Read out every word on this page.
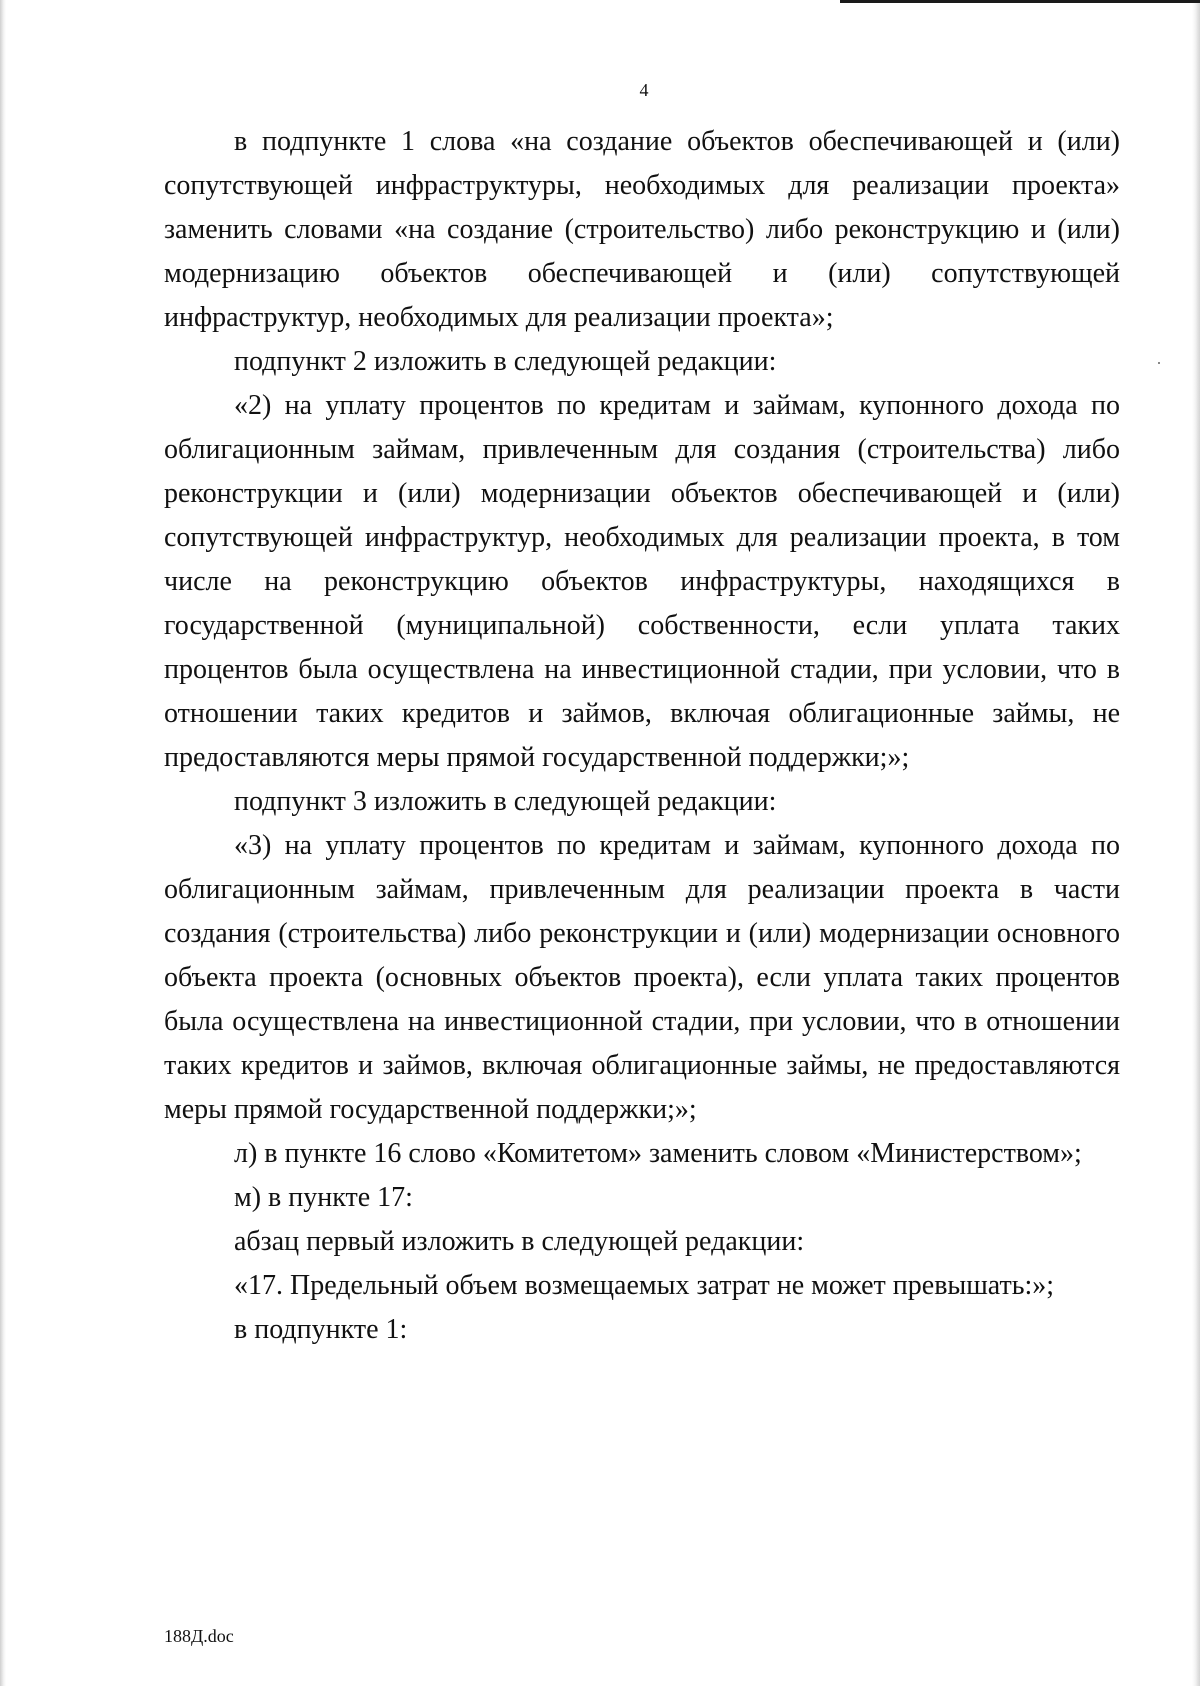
4

в подпункте 1 слова «на создание объектов обеспечивающей и (или) сопутствующей инфраструктуры, необходимых для реализации проекта» заменить словами «на создание (строительство) либо реконструкцию и (или) модернизацию объектов обеспечивающей и (или) сопутствующей инфраструктур, необходимых для реализации проекта»;

подпункт 2 изложить в следующей редакции:

«2) на уплату процентов по кредитам и займам, купонного дохода по облигационным займам, привлеченным для создания (строительства) либо реконструкции и (или) модернизации объектов обеспечивающей и (или) сопутствующей инфраструктур, необходимых для реализации проекта, в том числе на реконструкцию объектов инфраструктуры, находящихся в государственной (муниципальной) собственности, если уплата таких процентов была осуществлена на инвестиционной стадии, при условии, что в отношении таких кредитов и займов, включая облигационные займы, не предоставляются меры прямой государственной поддержки;»;

подпункт 3 изложить в следующей редакции:

«3) на уплату процентов по кредитам и займам, купонного дохода по облигационным займам, привлеченным для реализации проекта в части создания (строительства) либо реконструкции и (или) модернизации основного объекта проекта (основных объектов проекта), если уплата таких процентов была осуществлена на инвестиционной стадии, при условии, что в отношении таких кредитов и займов, включая облигационные займы, не предоставляются меры прямой государственной поддержки;»;

л) в пункте 16 слово «Комитетом» заменить словом «Министерством»;

м) в пункте 17:

абзац первый изложить в следующей редакции:

«17. Предельный объем возмещаемых затрат не может превышать:»;

в подпункте 1:

188Д.doc
